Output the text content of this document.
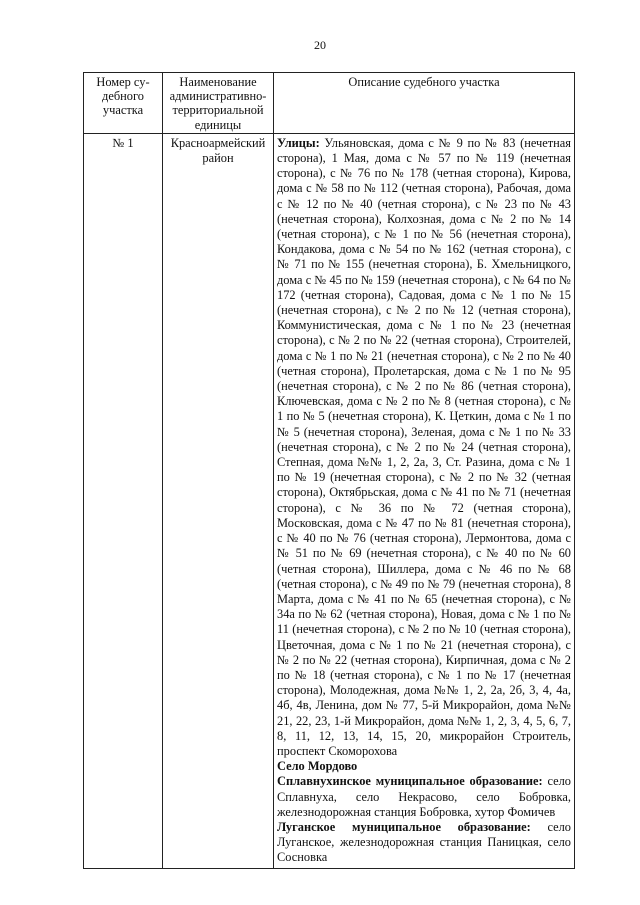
20
Номер су-дебного участка	Наименование административно-территориальной единицы	Описание судебного участка
№ 1	Красноармейский район	Улицы: Ульяновская, дома с № 9 по № 83 (нечетная сторона), 1 Мая, дома с № 57 по № 119 (нечетная сторона), с № 76 по № 178 (четная сторона), Кирова, дома с № 58 по № 112 (четная сторона), Рабочая, дома с № 12 по № 40 (четная сторона), с № 23 по № 43 (нечетная сторона), Колхозная, дома с № 2 по № 14 (четная сторона), с № 1 по № 56 (нечетная сторона), Кондакова, дома с № 54 по № 162 (четная сторона), с № 71 по № 155 (нечетная сторона), Б. Хмельницкого, дома с № 45 по № 159 (нечетная сторона), с № 64 по № 172 (четная сторона), Садовая, дома с № 1 по № 15 (нечетная сторона), с № 2 по № 12 (четная сторона), Коммунистическая, дома с № 1 по № 23 (нечетная сторона), с № 2 по № 22 (четная сторона), Строителей, дома с № 1 по № 21 (нечетная сторона), с № 2 по № 40 (четная сторона), Пролетарская, дома с № 1 по № 95 (нечетная сторона), с № 2 по № 86 (четная сторона), Ключевская, дома с № 2 по № 8 (четная сторона), с № 1 по № 5 (нечетная сторона), К. Цеткин, дома с № 1 по № 5 (нечетная сторона), Зеленая, дома с № 1 по № 33 (нечетная сторона), с № 2 по № 24 (четная сторона), Степная, дома №№ 1, 2, 2а, 3, Ст. Разина, дома с № 1 по № 19 (нечетная сторона), с № 2 по № 32 (четная сторона), Октябрьская, дома с № 41 по № 71 (нечетная сторона), с № 36 по № 72 (четная сторона), Московская, дома с № 47 по № 81 (нечетная сторона), с № 40 по № 76 (четная сторона), Лермонтова, дома с № 51 по № 69 (нечетная сторона), с № 40 по № 60 (четная сторона), Шиллера, дома с № 46 по № 68 (четная сторона), с № 49 по № 79 (нечетная сторона), 8 Марта, дома с № 41 по № 65 (нечетная сторона), с № 34а по № 62 (четная сторона), Новая, дома с № 1 по № 11 (нечетная сторона), с № 2 по № 10 (четная сторона), Цветочная, дома с № 1 по № 21 (нечетная сторона), с № 2 по № 22 (четная сторона), Кирпичная, дома с № 2 по № 18 (четная сторона), с № 1 по № 17 (нечетная сторона), Молодежная, дома №№ 1, 2, 2а, 2б, 3, 4, 4а, 4б, 4в, Ленина, дом № 77, 5-й Микрорайон, дома №№ 21, 22, 23, 1-й Микрорайон, дома №№ 1, 2, 3, 4, 5, 6, 7, 8, 11, 12, 13, 14, 15, 20, микрорайон Строитель, проспект Скоморохова

Село Мордово

Сплавнухинское муниципальное образование: село Сплавнуха, село Некрасово, село Бобровка, железнодорожная станция Бобровка, хутор Фомичев

Луганское муниципальное образование: село Луганское, железнодорожная станция Паницкая, село Сосновка
